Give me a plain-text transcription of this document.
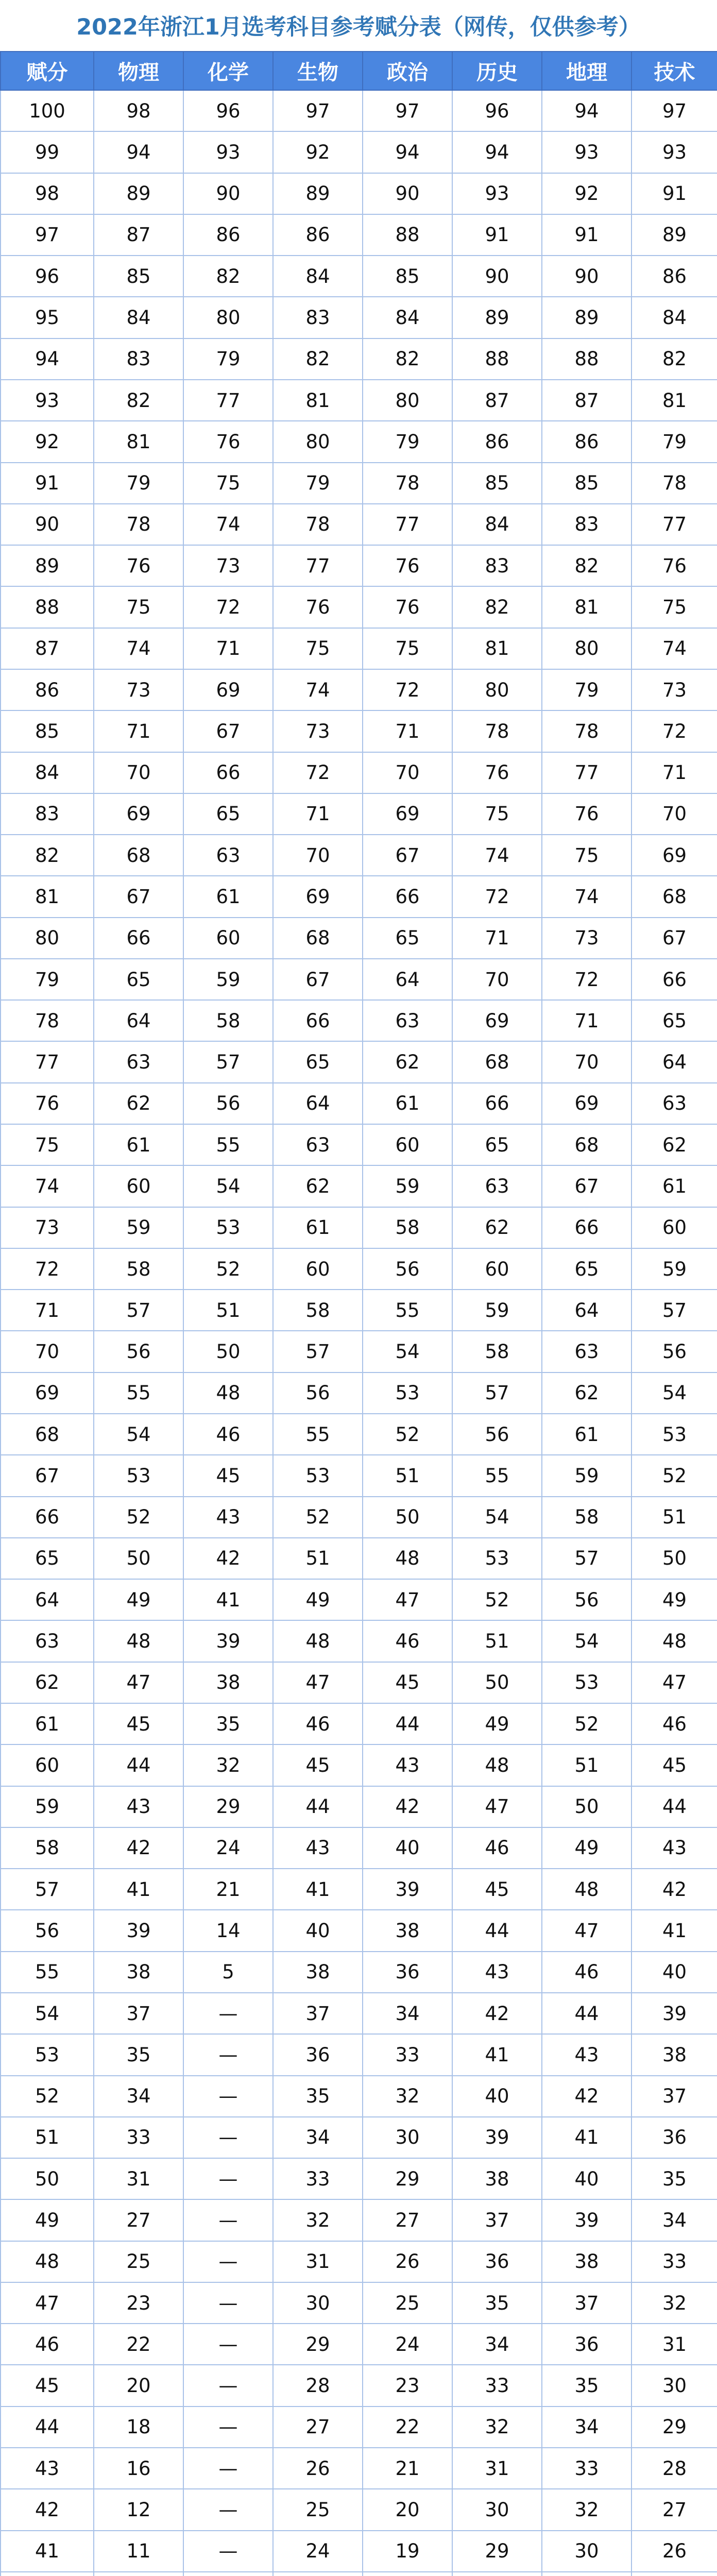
2022年浙江1月选考科目参考赋分表（网传，仅供参考）
赋分	物理	化学	生物	政治	历史	地理	技术
100	98	96	97	97	96	94	97
99	94	93	92	94	94	93	93
98	89	90	89	90	93	92	91
97	87	86	86	88	91	91	89
96	85	82	84	85	90	90	86
95	84	80	83	84	89	89	84
94	83	79	82	82	88	88	82
93	82	77	81	80	87	87	81
92	81	76	80	79	86	86	79
91	79	75	79	78	85	85	78
90	78	74	78	77	84	83	77
89	76	73	77	76	83	82	76
88	75	72	76	76	82	81	75
87	74	71	75	75	81	80	74
86	73	69	74	72	80	79	73
85	71	67	73	71	78	78	72
84	70	66	72	70	76	77	71
83	69	65	71	69	75	76	70
82	68	63	70	67	74	75	69
81	67	61	69	66	72	74	68
80	66	60	68	65	71	73	67
79	65	59	67	64	70	72	66
78	64	58	66	63	69	71	65
77	63	57	65	62	68	70	64
76	62	56	64	61	66	69	63
75	61	55	63	60	65	68	62
74	60	54	62	59	63	67	61
73	59	53	61	58	62	66	60
72	58	52	60	56	60	65	59
71	57	51	58	55	59	64	57
70	56	50	57	54	58	63	56
69	55	48	56	53	57	62	54
68	54	46	55	52	56	61	53
67	53	45	53	51	55	59	52
66	52	43	52	50	54	58	51
65	50	42	51	48	53	57	50
64	49	41	49	47	52	56	49
63	48	39	48	46	51	54	48
62	47	38	47	45	50	53	47
61	45	35	46	44	49	52	46
60	44	32	45	43	48	51	45
59	43	29	44	42	47	50	44
58	42	24	43	40	46	49	43
57	41	21	41	39	45	48	42
56	39	14	40	38	44	47	41
55	38	5	38	36	43	46	40
54	37	—	37	34	42	44	39
53	35	—	36	33	41	43	38
52	34	—	35	32	40	42	37
51	33	—	34	30	39	41	36
50	31	—	33	29	38	40	35
49	27	—	32	27	37	39	34
48	25	—	31	26	36	38	33
47	23	—	30	25	35	37	32
46	22	—	29	24	34	36	31
45	20	—	28	23	33	35	30
44	18	—	27	22	32	34	29
43	16	—	26	21	31	33	28
42	12	—	25	20	30	32	27
41	11	—	24	19	29	30	26
